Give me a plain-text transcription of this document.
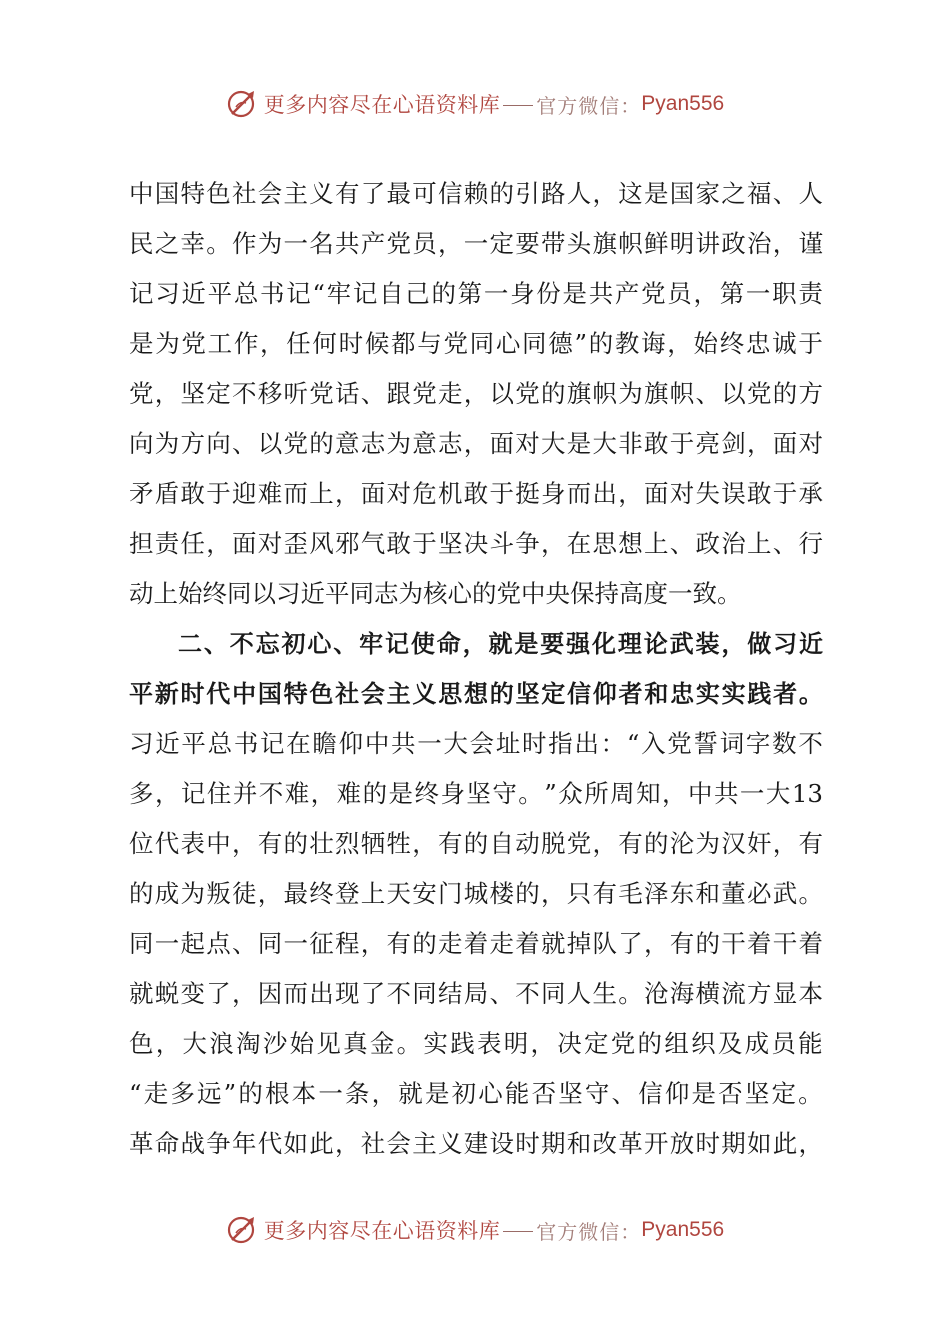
更多内容尽在心语资料库 官方微信： Pyan556
中 国 特 色 社 会 主 义 有 了 最 可 信 赖 的 引 路 人 ， 这 是 国 家 之 福 、 人
民 之 幸 。 作 为 一 名 共 产 党 员 ， 一 定 要 带 头 旗 帜 鲜 明 讲 政 治 ， 谨
记 习 近 平 总 书 记 “ 牢 记 自 己 的 第 一 身 份 是 共 产 党 员 ， 第 一 职 责
是 为 党 工 作 ， 任 何 时 候 都 与 党 同 心 同 德 ” 的 教 诲 ， 始 终 忠 诚 于
党 ， 坚 定 不 移 听 党 话 、 跟 党 走 ， 以 党 的 旗 帜 为 旗 帜 、 以 党 的 方
向 为 方 向 、 以 党 的 意 志 为 意 志 ， 面 对 大 是 大 非 敢 于 亮 剑 ， 面 对
矛 盾 敢 于 迎 难 而 上 ， 面 对 危 机 敢 于 挺 身 而 出 ， 面 对 失 误 敢 于 承
担 责 任 ， 面 对 歪 风 邪 气 敢 于 坚 决 斗 争 ， 在 思 想 上 、 政 治 上 、 行
动上始终同以习近平同志为核心的党中央保持高度一致。
二 、 不 忘 初 心 、 牢 记 使 命 ， 就 是 要 强 化 理 论 武 装 ， 做 习 近
平 新 时 代 中 国 特 色 社 会 主 义 思 想 的 坚 定 信 仰 者 和 忠 实 实 践 者 。
习 近 平 总 书 记 在 瞻 仰 中 共 一 大 会 址 时 指 出 ： “ 入 党 誓 词 字 数 不
多 ， 记 住 并 不 难 ， 难 的 是 终 身 坚 守 。 ” 众 所 周 知 ， 中 共 一 大 13
位 代 表 中 ， 有 的 壮 烈 牺 牲 ， 有 的 自 动 脱 党 ， 有 的 沦 为 汉 奸 ， 有
的 成 为 叛 徒 ， 最 终 登 上 天 安 门 城 楼 的 ， 只 有 毛 泽 东 和 董 必 武 。
同 一 起 点 、 同 一 征 程 ， 有 的 走 着 走 着 就 掉 队 了 ， 有 的 干 着 干 着
就 蜕 变 了 ， 因 而 出 现 了 不 同 结 局 、 不 同 人 生 。 沧 海 横 流 方 显 本
色 ， 大 浪 淘 沙 始 见 真 金 。 实 践 表 明 ， 决 定 党 的 组 织 及 成 员 能
“ 走 多 远 ” 的 根 本 一 条 ， 就 是 初 心 能 否 坚 守 、 信 仰 是 否 坚 定 。
革 命 战 争 年 代 如 此 ， 社 会 主 义 建 设 时 期 和 改 革 开 放 时 期 如 此 ，
更多内容尽在心语资料库 官方微信： Pyan556
